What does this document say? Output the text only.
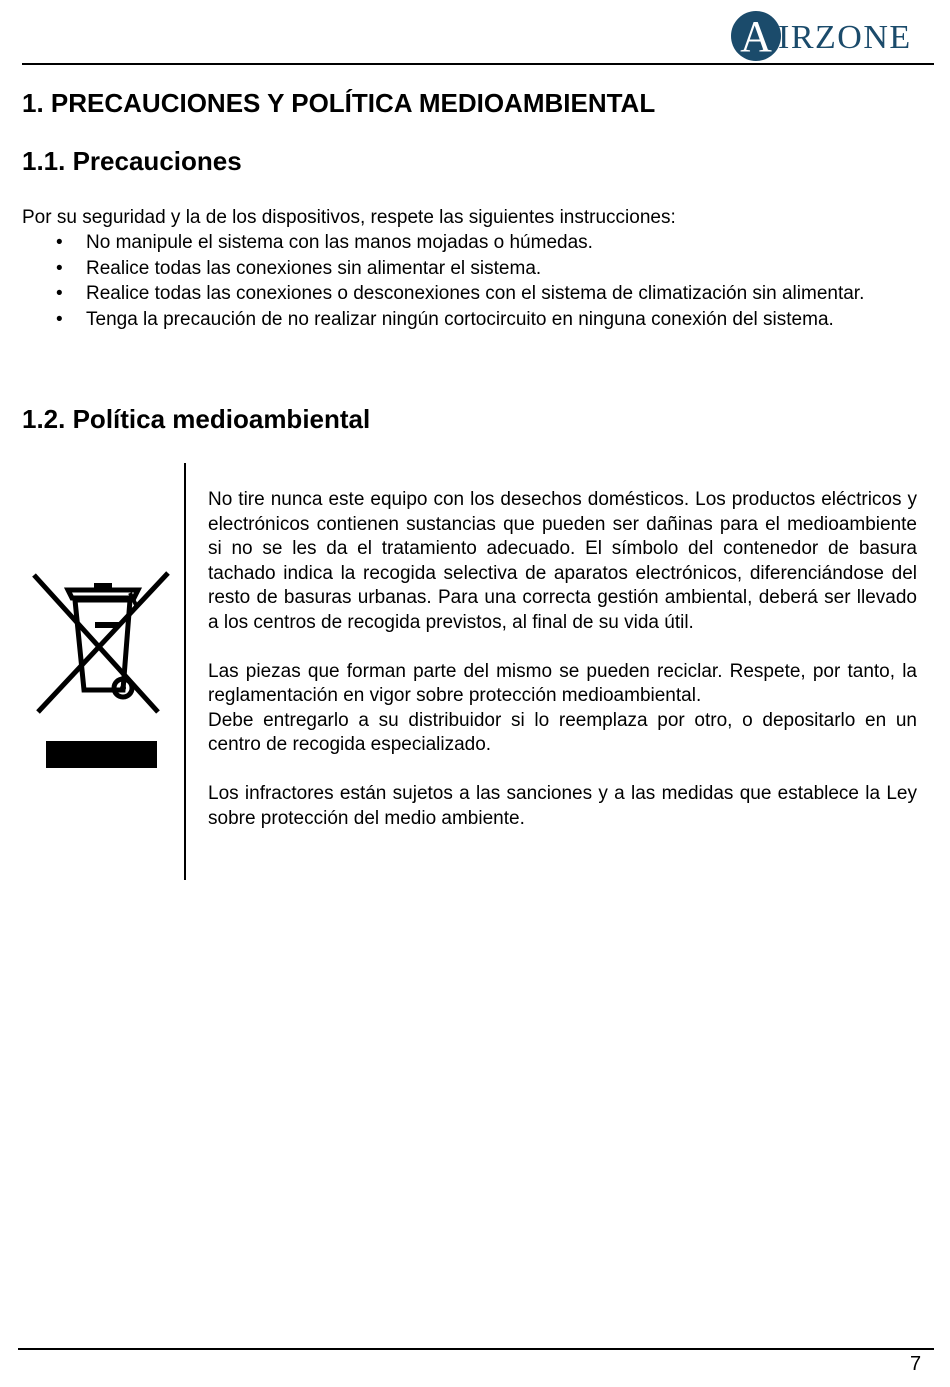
A IRZONE
1. PRECAUCIONES Y POLÍTICA MEDIOAMBIENTAL
1.1. Precauciones

Por su seguridad y la de los dispositivos, respete las siguientes instrucciones:

• No manipule el sistema con las manos mojadas o húmedas.
• Realice todas las conexiones sin alimentar el sistema.
• Realice todas las conexiones o desconexiones con el sistema de climatización sin alimentar.
• Tenga la precaución de no realizar ningún cortocircuito en ninguna conexión del sistema.
1.2. Política medioambiental

No tire nunca este equipo con los desechos domésticos. Los productos eléctricos y electrónicos contienen sustancias que pueden ser dañinas para el medioambiente si no se les da el tratamiento adecuado. El símbolo del contenedor de basura tachado indica la recogida selectiva de aparatos electrónicos, diferenciándose del resto de basuras urbanas. Para una correcta gestión ambiental, deberá ser llevado a los centros de recogida previstos, al final de su vida útil.

Las piezas que forman parte del mismo se pueden reciclar. Respete, por tanto, la reglamentación en vigor sobre protección medioambiental.

Debe entregarlo a su distribuidor si lo reemplaza por otro, o depositarlo en un centro de recogida especializado.

Los infractores están sujetos a las sanciones y a las medidas que establece la Ley sobre protección del medio ambiente.

7
